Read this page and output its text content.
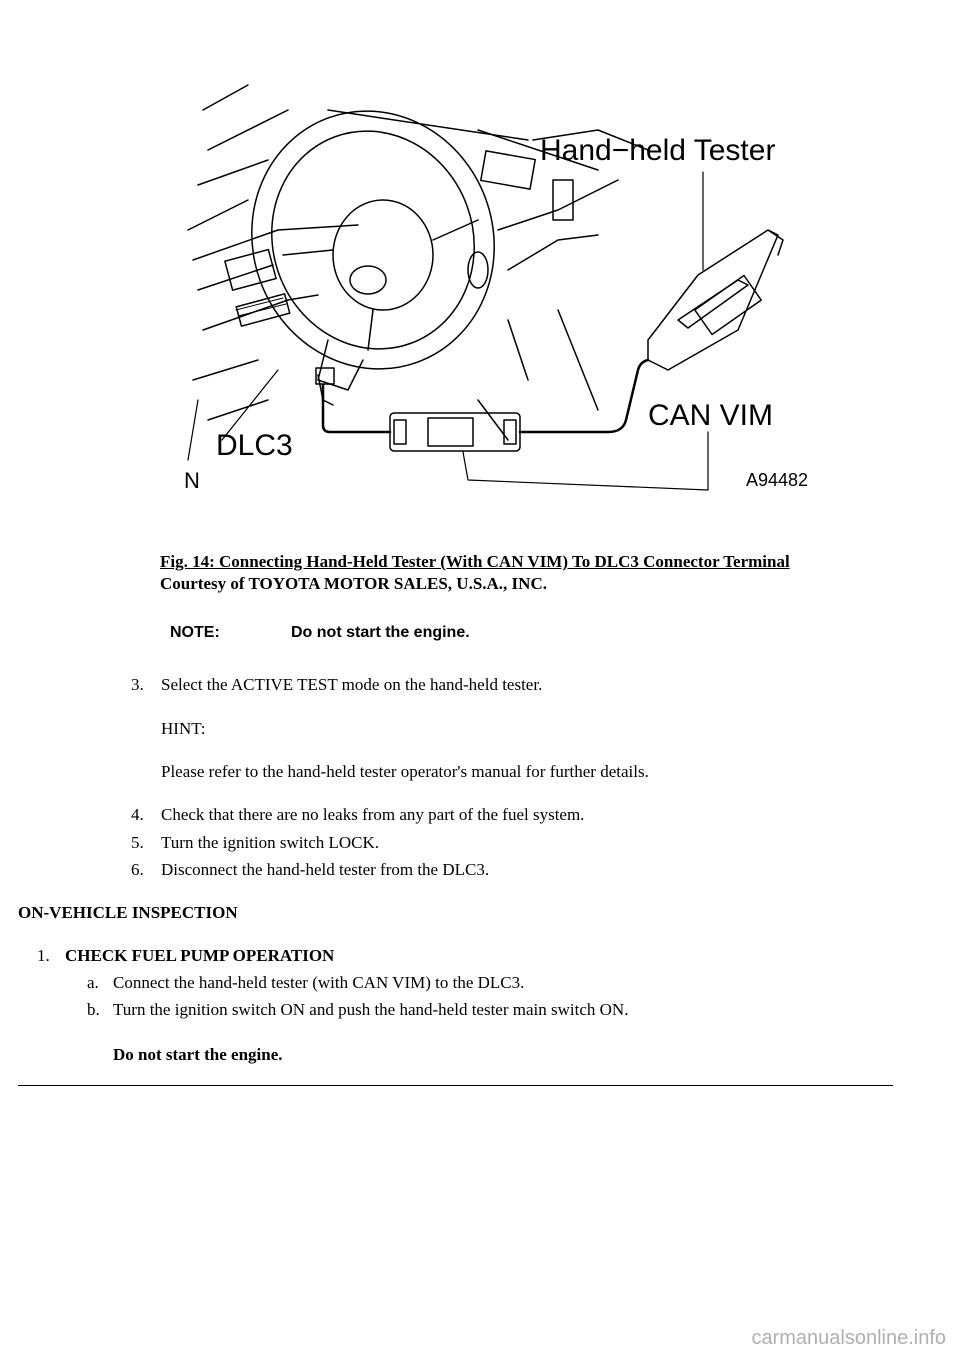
Hand−held Tester
CAN VIM
DLC3
N	A94482
Fig. 14: Connecting Hand-Held Tester (With CAN VIM) To DLC3 Connector Terminal
Courtesy of TOYOTA MOTOR SALES, U.S.A., INC.
NOTE:	Do not start the engine.
3. Select the ACTIVE TEST mode on the hand-held tester.
HINT:
Please refer to the hand-held tester operator's manual for further details.
4. Check that there are no leaks from any part of the fuel system.
5. Turn the ignition switch LOCK.
6. Disconnect the hand-held tester from the DLC3.
ON-VEHICLE INSPECTION
1. CHECK FUEL PUMP OPERATION
a. Connect the hand-held tester (with CAN VIM) to the DLC3.
b. Turn the ignition switch ON and push the hand-held tester main switch ON.
Do not start the engine.
carmanualsonline.info
